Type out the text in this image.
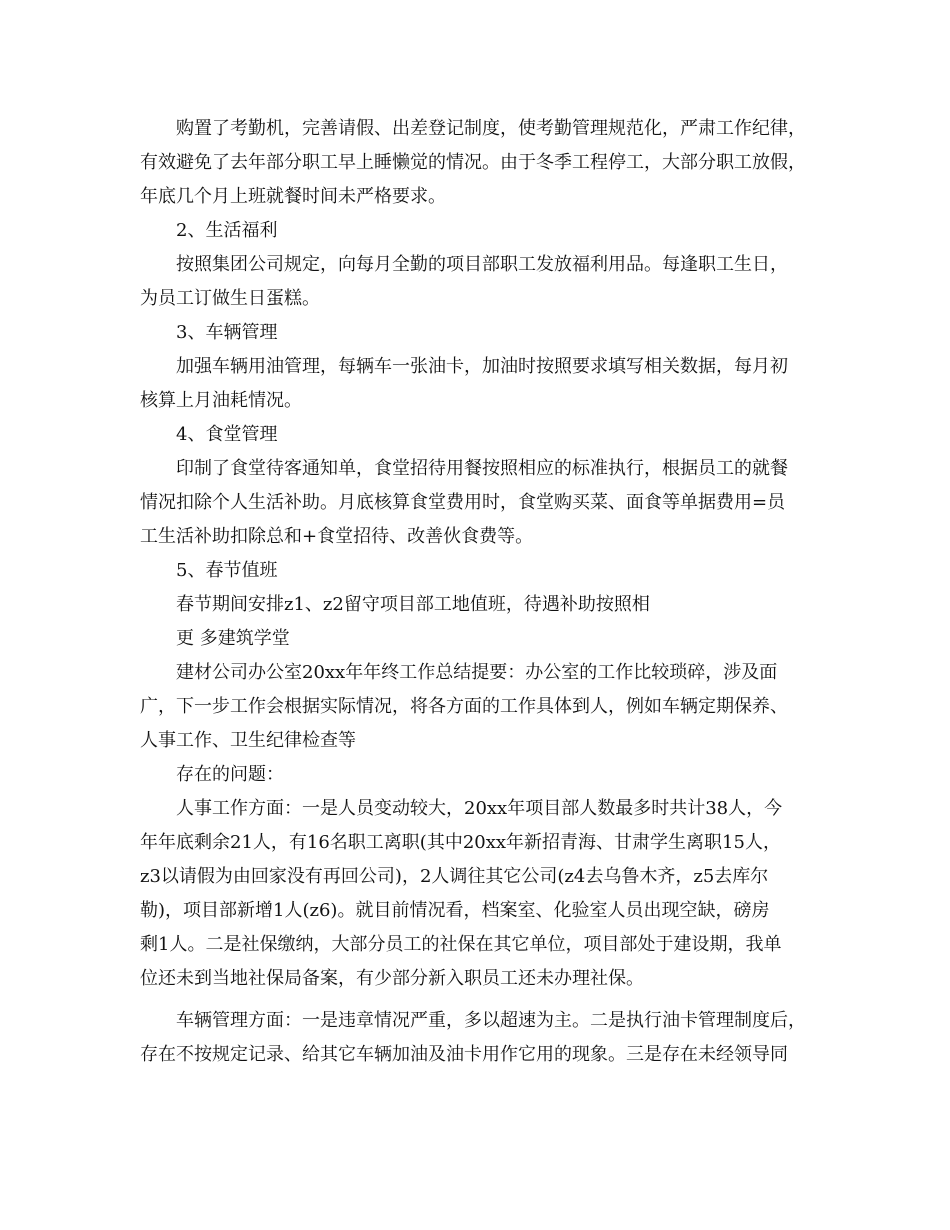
购置了考勤机，完善请假、出差登记制度，使考勤管理规范化，严肃工作纪律，
有效避免了去年部分职工早上睡懒觉的情况。由于冬季工程停工，大部分职工放假，
年底几个月上班就餐时间未严格要求。
2、生活福利
按照集团公司规定，向每月全勤的项目部职工发放福利用品。每逢职工生日，
为员工订做生日蛋糕。
3、车辆管理
加强车辆用油管理，每辆车一张油卡，加油时按照要求填写相关数据，每月初
核算上月油耗情况。
4、食堂管理
印制了食堂待客通知单，食堂招待用餐按照相应的标准执行，根据员工的就餐
情况扣除个人生活补助。月底核算食堂费用时，食堂购买菜、面食等单据费用=员
工生活补助扣除总和+食堂招待、改善伙食费等。
5、春节值班
春节期间安排z1、z2留守项目部工地值班，待遇补助按照相
更 多建筑学堂
建材公司办公室20xx年年终工作总结提要：办公室的工作比较琐碎，涉及面
广，下一步工作会根据实际情况，将各方面的工作具体到人，例如车辆定期保养、
人事工作、卫生纪律检查等
存在的问题：
人事工作方面：一是人员变动较大，20xx年项目部人数最多时共计38人，今
年年底剩余21人，有16名职工离职(其中20xx年新招青海、甘肃学生离职15人，
z3以请假为由回家没有再回公司)，2人调往其它公司(z4去乌鲁木齐，z5去库尔
勒)，项目部新增1人(z6)。就目前情况看，档案室、化验室人员出现空缺，磅房
剩1人。二是社保缴纳，大部分员工的社保在其它单位，项目部处于建设期，我单
位还未到当地社保局备案，有少部分新入职员工还未办理社保。
车辆管理方面：一是违章情况严重，多以超速为主。二是执行油卡管理制度后，
存在不按规定记录、给其它车辆加油及油卡用作它用的现象。三是存在未经领导同
